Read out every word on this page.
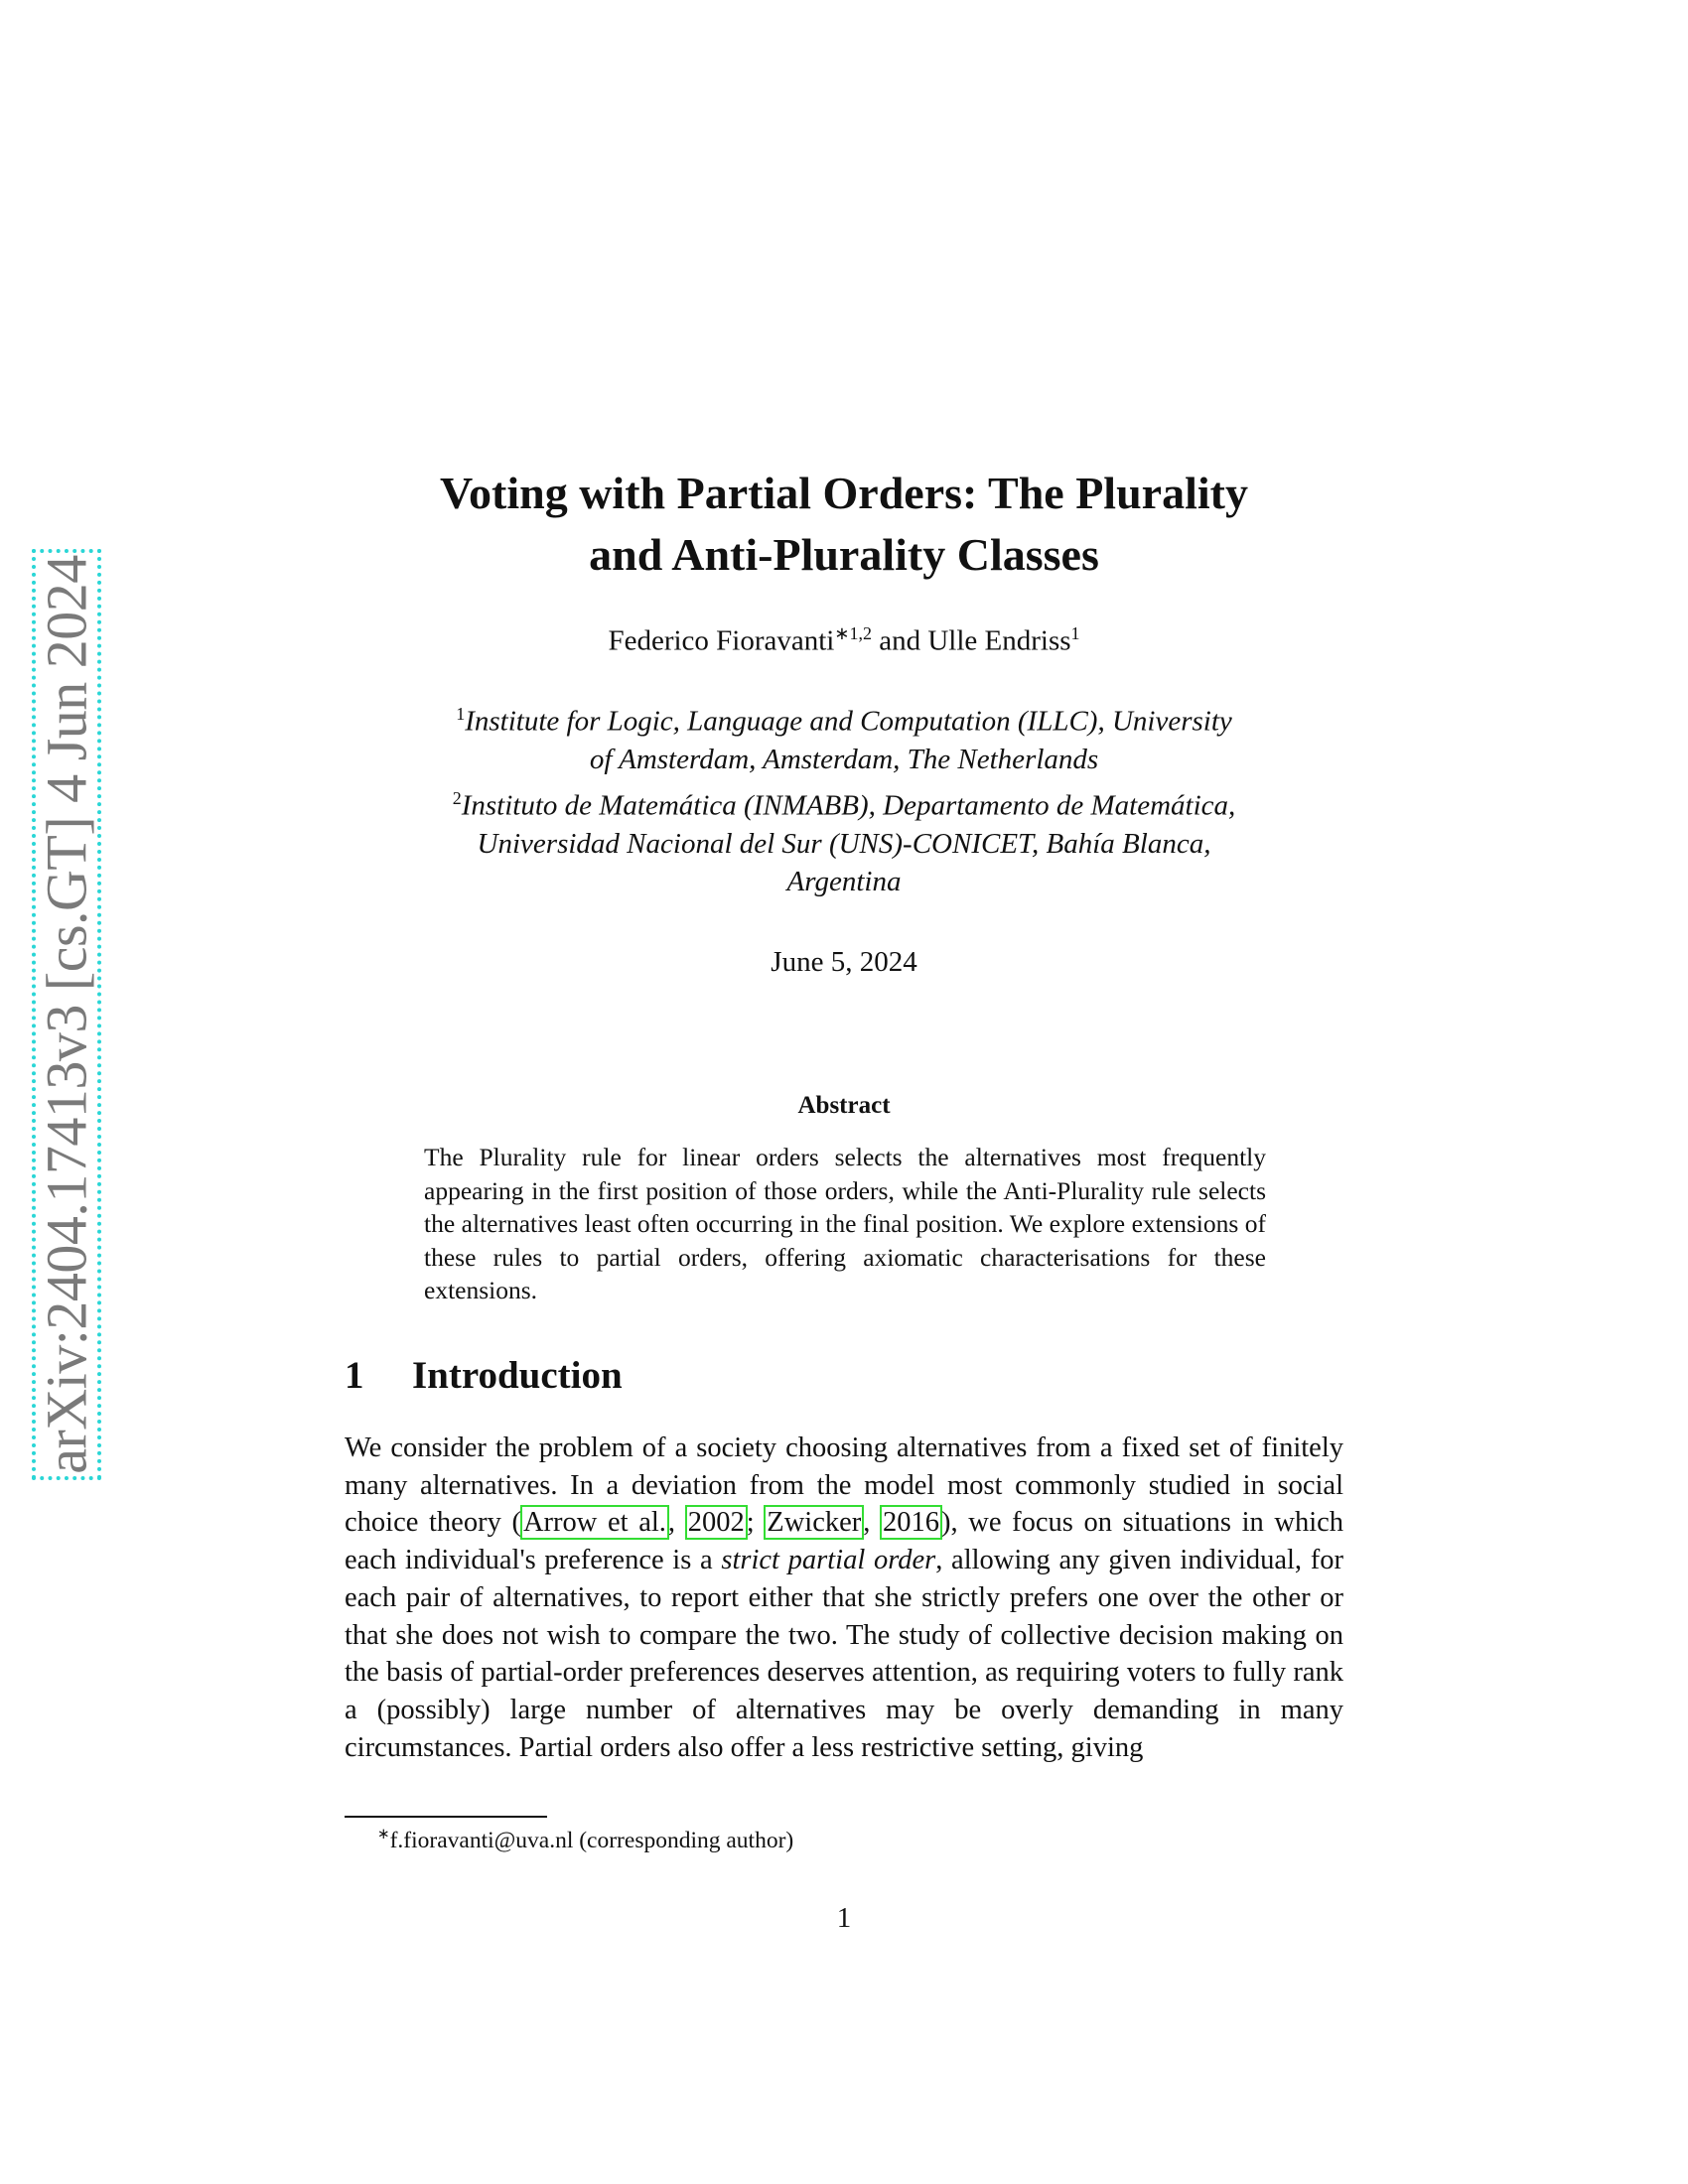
arXiv:2404.17413v3 [cs.GT] 4 Jun 2024
Voting with Partial Orders: The Plurality
and Anti-Plurality Classes
Federico Fioravanti$^{∗1,2}$ and Ulle Endriss$^1$
$^1$Institute for Logic, Language and Computation (ILLC), University
of Amsterdam, Amsterdam, The Netherlands
$^2$Instituto de Matemática (INMABB), Departamento de Matemática,
Universidad Nacional del Sur (UNS)-CONICET, Bahía Blanca,
Argentina
June 5, 2024
Abstract
The Plurality rule for linear orders selects the alternatives most frequently appearing in the first position of those orders, while the Anti-Plurality rule selects the alternatives least often occurring in the final position. We explore extensions of these rules to partial orders, offering axiomatic characterisations for these extensions.
1 Introduction
We consider the problem of a society choosing alternatives from a fixed set of finitely many alternatives. In a deviation from the model most commonly studied in social choice theory (Arrow et al., 2002; Zwicker, 2016), we focus on situations in which each individual's preference is a strict partial order, allowing any given individual, for each pair of alternatives, to report either that she strictly prefers one over the other or that she does not wish to compare the two. The study of collective decision making on the basis of partial-order preferences deserves attention, as requiring voters to fully rank a (possibly) large number of alternatives may be overly demanding in many circumstances. Partial orders also offer a less restrictive setting, giving
∗f.fioravanti@uva.nl (corresponding author)
1
